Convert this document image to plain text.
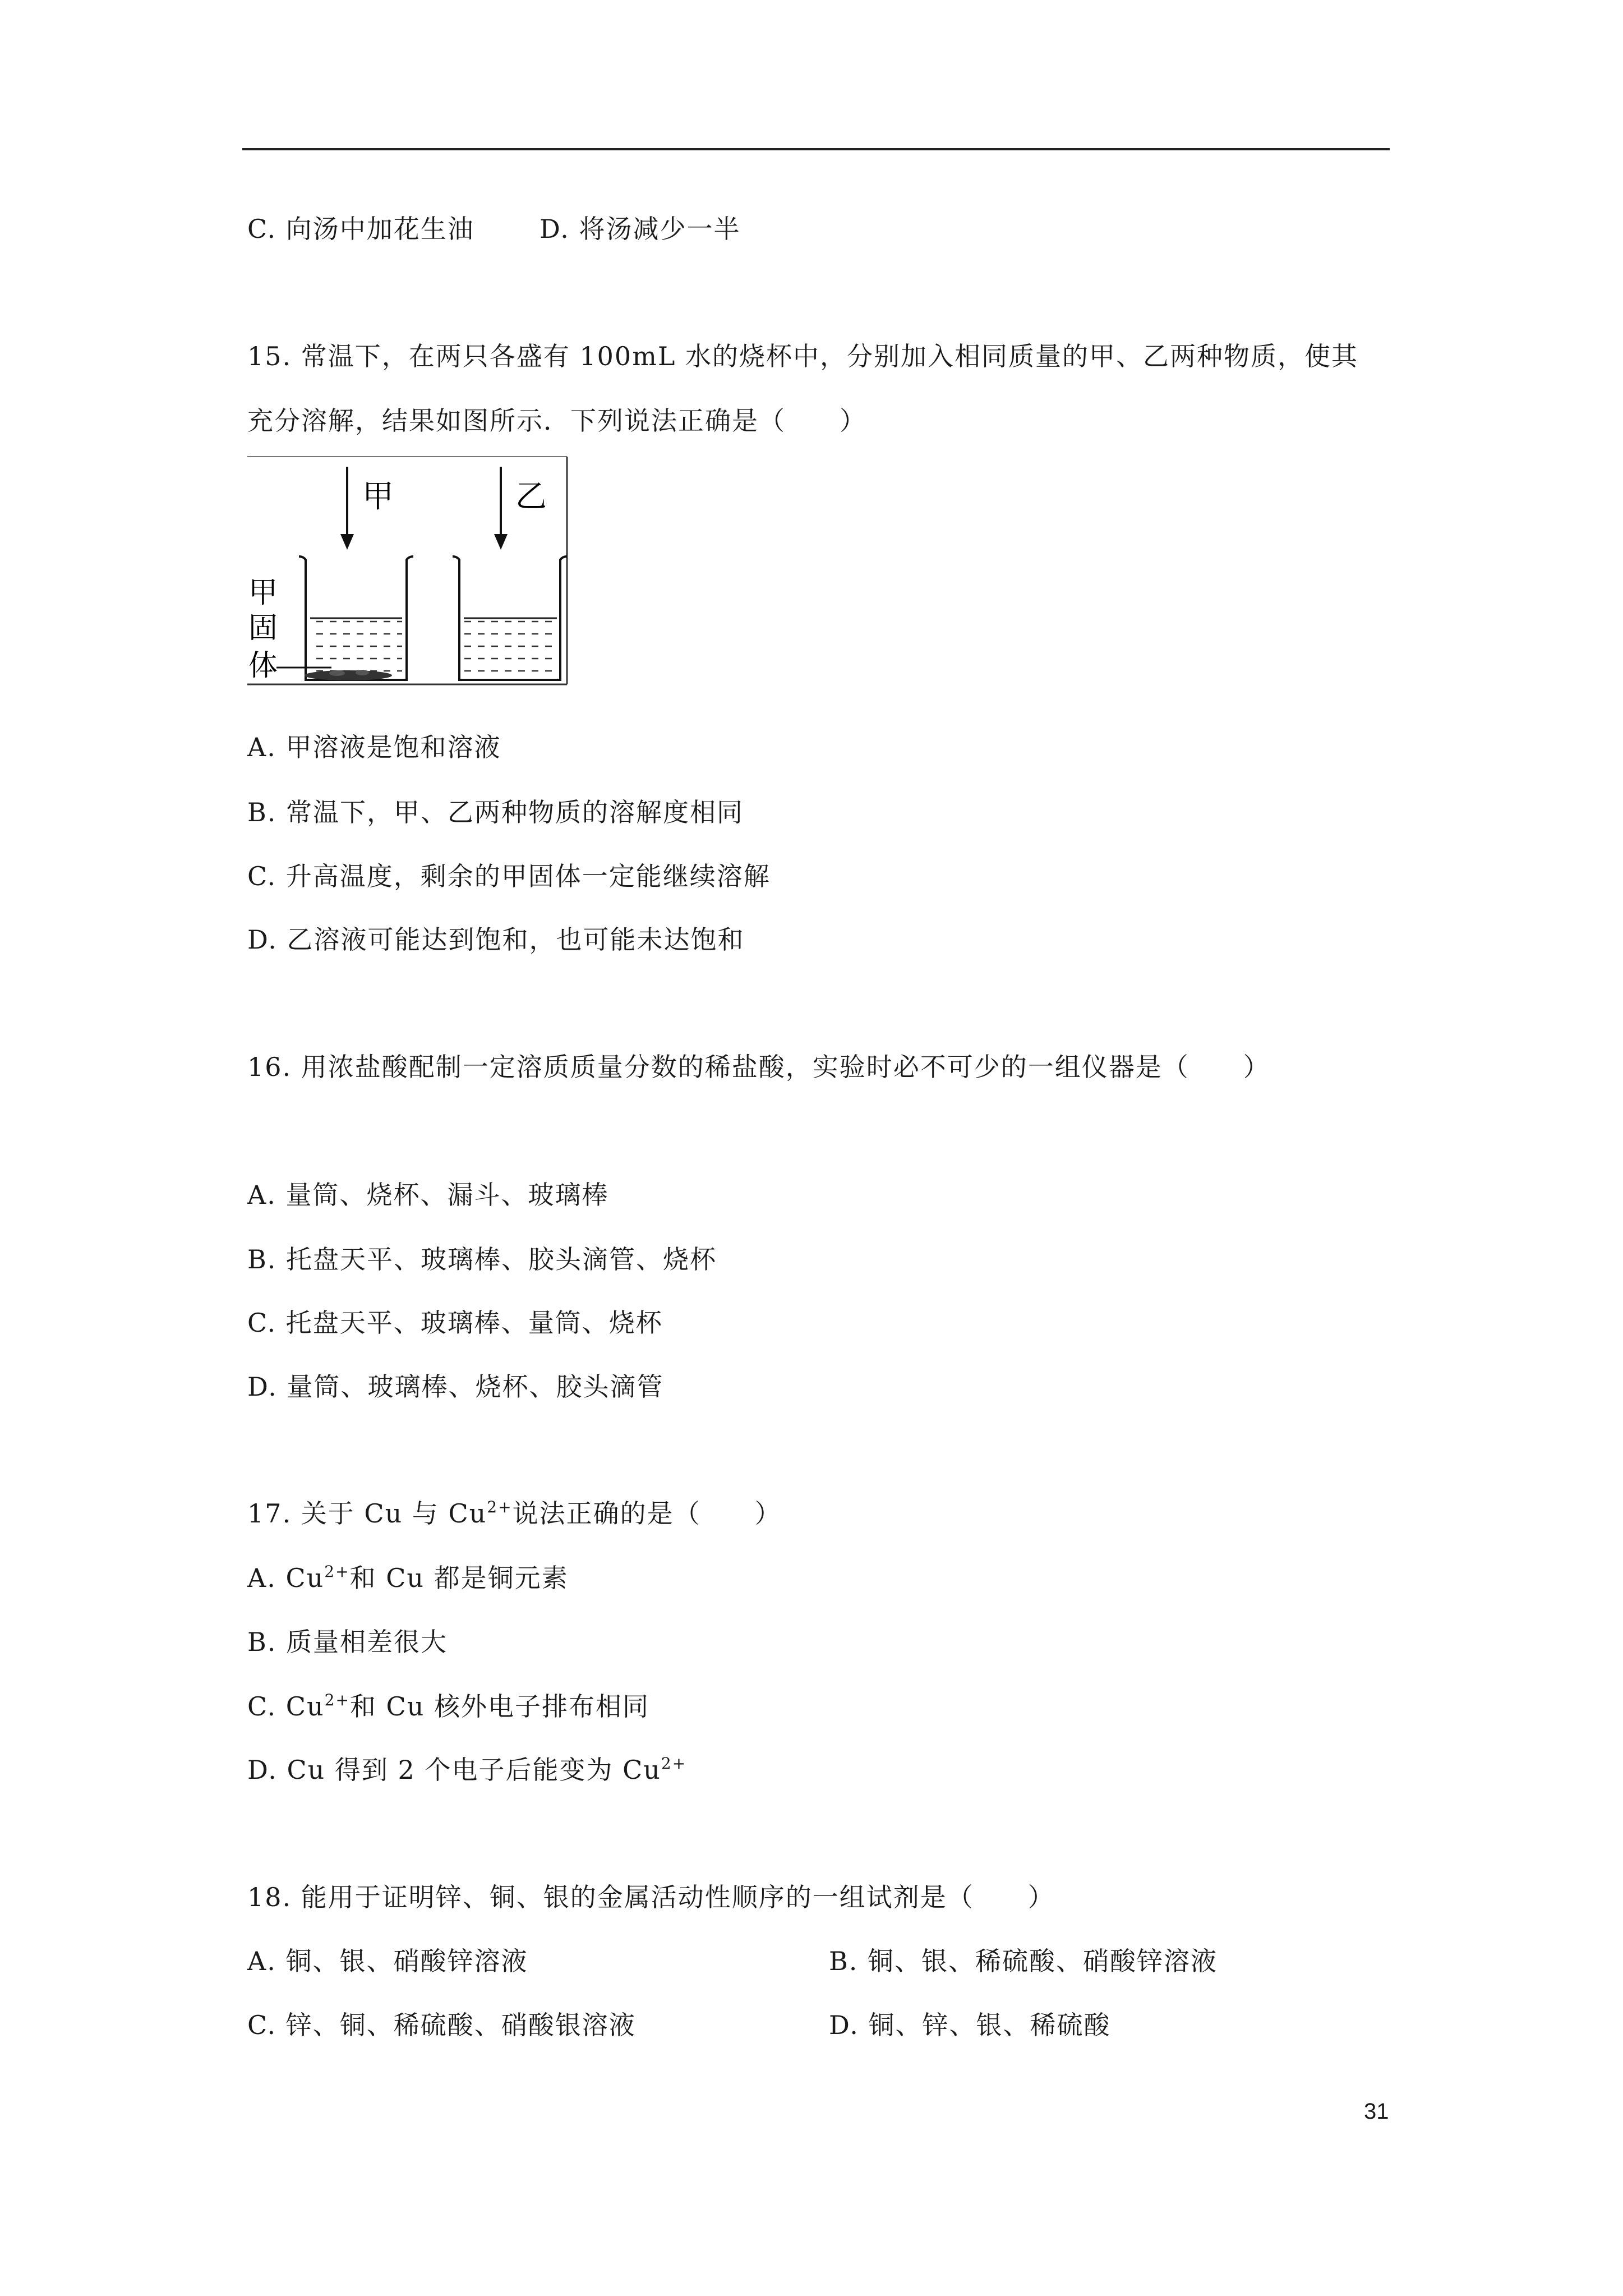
C. 向汤中加花生油	D. 将汤减少一半
15. 常温下，在两只各盛有 100mL 水的烧杯中，分别加入相同质量的甲、乙两种物质，使其
充分溶解，结果如图所示．下列说法正确是（　　）
甲	乙
甲
固
体
A. 甲溶液是饱和溶液
B. 常温下，甲、乙两种物质的溶解度相同
C. 升高温度，剩余的甲固体一定能继续溶解
D. 乙溶液可能达到饱和，也可能未达饱和
16. 用浓盐酸配制一定溶质质量分数的稀盐酸，实验时必不可少的一组仪器是（　　）
A. 量筒、烧杯、漏斗、玻璃棒
B. 托盘天平、玻璃棒、胶头滴管、烧杯
C. 托盘天平、玻璃棒、量筒、烧杯
D. 量筒、玻璃棒、烧杯、胶头滴管
17. 关于 Cu 与 $Cu^{2+}$说法正确的是（　　）
A. $Cu^{2+}$和 Cu 都是铜元素
B. 质量相差很大
C. $Cu^{2+}$和 Cu 核外电子排布相同
D. Cu 得到 2 个电子后能变为 $Cu^{2+}$
18. 能用于证明锌、铜、银的金属活动性顺序的一组试剂是（　　）
A. 铜、银、硝酸锌溶液	B. 铜、银、稀硫酸、硝酸锌溶液
C. 锌、铜、稀硫酸、硝酸银溶液	D. 铜、锌、银、稀硫酸
31
